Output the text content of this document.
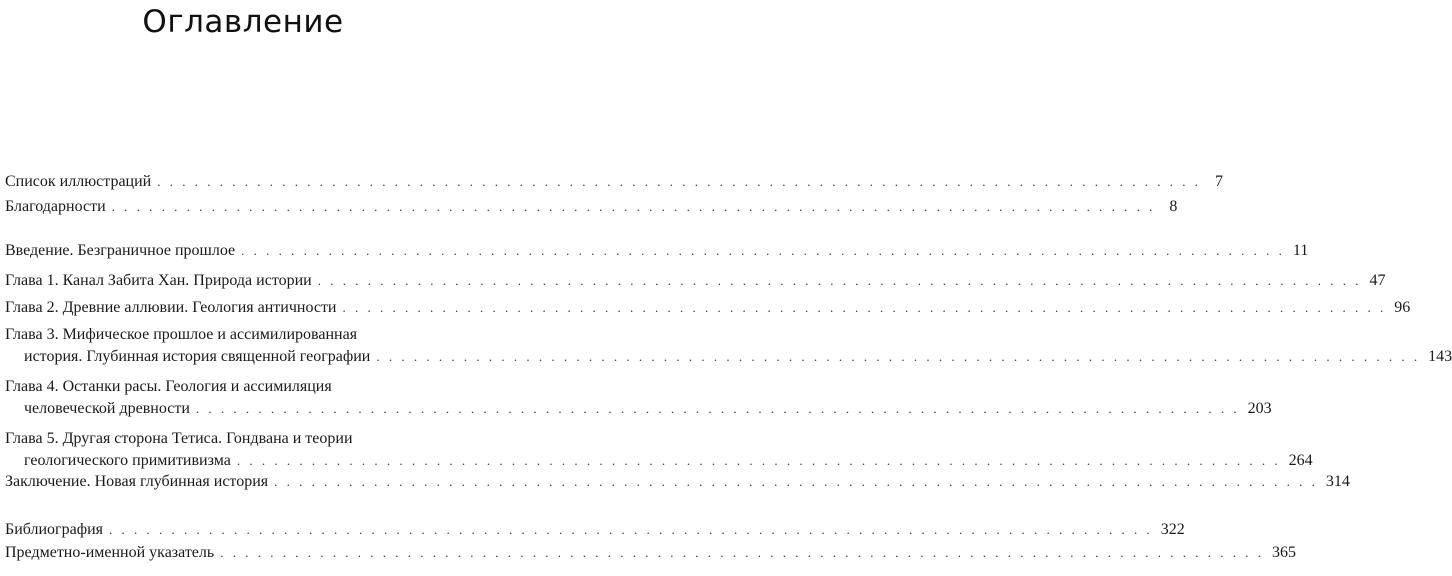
Оглавление
Список иллюстраций . . .	7
Благодарности . . .	8
Введение. Безграничное прошлое . . .	11
Глава 1. Канал Забита Хан. Природа истории . . .	47
Глава 2. Древние аллювии. Геология античности . . .	96
Глава 3. Мифическое прошлое и ассимилированная
история. Глубинная история священной географии . . .	143
Глава 4. Останки расы. Геология и ассимиляция
человеческой древности . . .	203
Глава 5. Другая сторона Тетиса. Гондвана и теории
геологического примитивизма . . .	264
Заключение. Новая глубинная история . . .	314
Библиография . . .	322
Предметно-именной указатель . . .	365
